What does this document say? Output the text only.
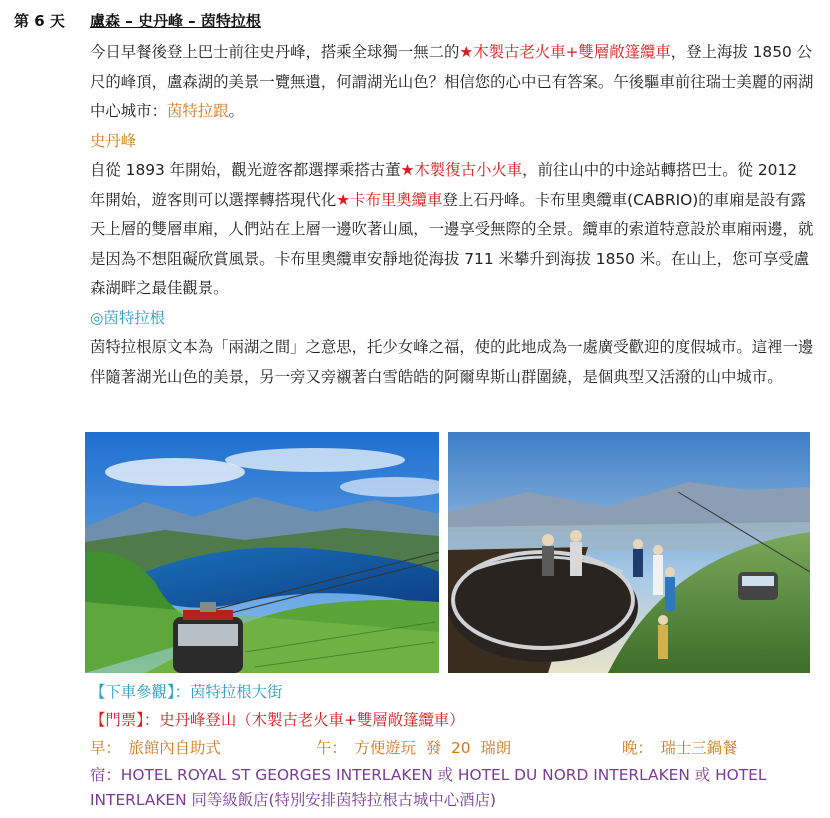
第 6 天 盧森 – 史丹峰 – 茵特拉根

今日早餐後登上巴士前往史丹峰，搭乘全球獨一無二的★木製古老火車+雙層敞篷纜車，登上海拔 1850 公尺的峰頂，盧森湖的美景一覽無遺，何謂湖光山色？相信您的心中已有答案。午後驅車前往瑞士美麗的兩湖中心城市：茵特拉跟。

史丹峰

自從 1893 年開始，觀光遊客都選擇乘搭古董★木製復古小火車，前往山中的中途站轉搭巴士。從 2012 年開始，遊客則可以選擇轉搭現代化★卡布里奧纜車登上石丹峰。卡布里奧纜車(CABRIO)的車廂是設有露天上層的雙層車廂，人們站在上層一邊吹著山風，一邊享受無際的全景。纜車的索道特意設於車廂兩邊，就是因為不想阻礙欣賞風景。卡布里奧纜車安靜地從海拔 711 米攀升到海拔 1850 米。在山上，您可享受盧森湖畔之最佳觀景。

◎茵特拉根

茵特拉根原文本為「兩湖之間」之意思，托少女峰之福，使的此地成為一處廣受歡迎的度假城市。這裡一邊伴隨著湖光山色的美景，另一旁又旁襯著白雪皓皓的阿爾卑斯山群圍繞，是個典型又活潑的山中城市。

【下車參觀】：茵特拉根大街
【門票】：史丹峰登山（木製古老火車+雙層敞篷纜車）
早：　旅館內自助式	午：　方便遊玩  發  20  瑞朗	晚：　瑞士三鍋餐
宿：HOTEL ROYAL ST GEORGES INTERLAKEN 或 HOTEL DU NORD INTERLAKEN 或 HOTEL INTERLAKEN 同等級飯店(特別安排茵特拉根古城中心酒店)
